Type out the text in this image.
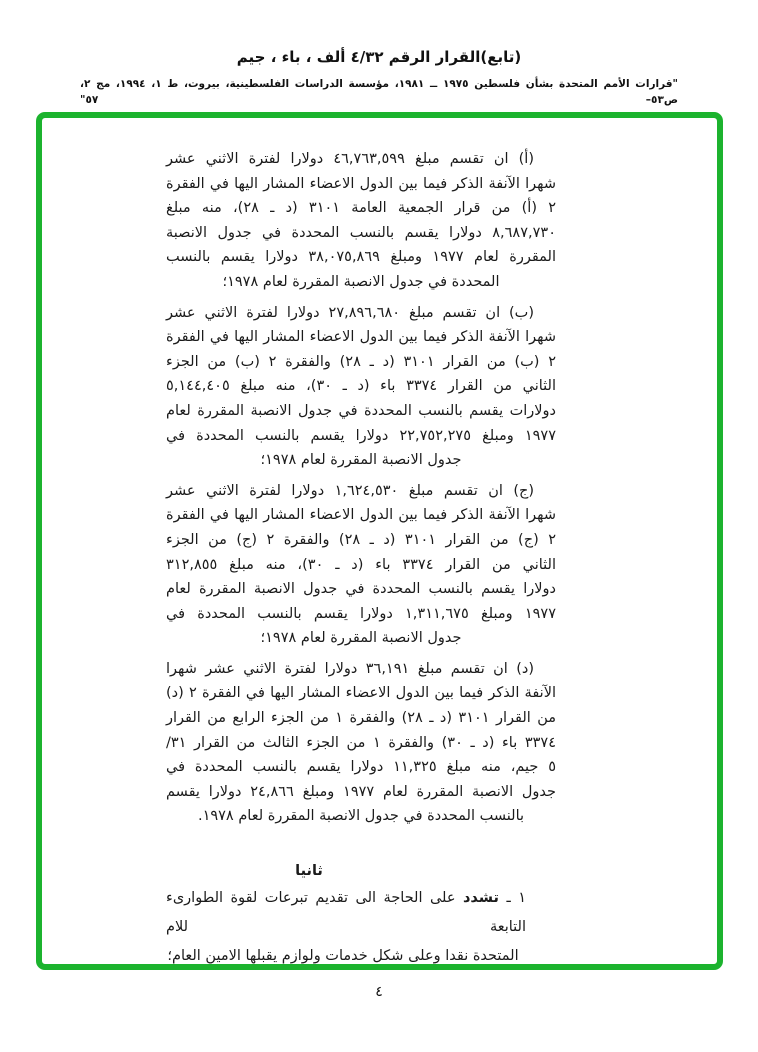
(تابع)القرار الرقم ٤/٣٢ ألف ، باء ، جيم
"قرارات الأمم المتحدة بشأن فلسطين ١٩٧٥ ــ ١٩٨١، مؤسسة الدراسات الفلسطينية، بيروت، ط ١، ١٩٩٤، مج ٢، ص٥٣– ٥٧"
(أ) ان تقسم مبلغ ٤٦,٧٦٣,٥٩٩ دولارا لفترة الاثني عشر
شهرا الآنفة الذكر فيما بين الدول الاعضاء المشار اليها في الفقرة
٢ (أ) من قرار الجمعية العامة ٣١٠١ (د ـ ٢٨)، منه مبلغ
٨,٦٨٧,٧٣٠ دولارا يقسم بالنسب المحددة في جدول الانصبة
المقررة لعام ١٩٧٧ ومبلغ ٣٨,٠٧٥,٨٦٩ دولارا يقسم بالنسب
المحددة في جدول الانصبة المقررة لعام ١٩٧٨؛
(ب) ان تقسم مبلغ ٢٧,٨٩٦,٦٨٠ دولارا لفترة الاثني عشر
شهرا الآنفة الذكر فيما بين الدول الاعضاء المشار اليها في الفقرة
٢ (ب) من القرار ٣١٠١ (د ـ ٢٨) والفقرة ٢ (ب) من الجزء
الثاني من القرار ٣٣٧٤ باء (د ـ ٣٠)، منه مبلغ ٥,١٤٤,٤٠٥
دولارات يقسم بالنسب المحددة في جدول الانصبة المقررة لعام
١٩٧٧ ومبلغ ٢٢,٧٥٢,٢٧٥ دولارا يقسم بالنسب المحددة في
جدول الانصبة المقررة لعام ١٩٧٨؛
(ج) ان تقسم مبلغ ١,٦٢٤,٥٣٠ دولارا لفترة الاثني عشر
شهرا الآنفة الذكر فيما بين الدول الاعضاء المشار اليها في الفقرة
٢ (ج) من القرار ٣١٠١ (د ـ ٢٨) والفقرة ٢ (ج) من الجزء
الثاني من القرار ٣٣٧٤ باء (د ـ ٣٠)، منه مبلغ ٣١٢,٨٥٥
دولارا يقسم بالنسب المحددة في جدول الانصبة المقررة لعام
١٩٧٧ ومبلغ ١,٣١١,٦٧٥ دولارا يقسم بالنسب المحددة في
جدول الانصبة المقررة لعام ١٩٧٨؛
(د) ان تقسم مبلغ ٣٦,١٩١ دولارا لفترة الاثني عشر شهرا
الآنفة الذكر فيما بين الدول الاعضاء المشار اليها في الفقرة ٢ (د)
من القرار ٣١٠١ (د ـ ٢٨) والفقرة ١ من الجزء الرابع من القرار
٣٣٧٤ باء (د ـ ٣٠) والفقرة ١ من الجزء الثالث من القرار ٣١/
٥ جيم، منه مبلغ ١١,٣٢٥ دولارا يقسم بالنسب المحددة في
جدول الانصبة المقررة لعام ١٩٧٧ ومبلغ ٢٤,٨٦٦ دولارا يقسم
بالنسب المحددة في جدول الانصبة المقررة لعام ١٩٧٨.
ثانيا
١ ـ تشدد على الحاجة الى تقديم تبرعات لقوة الطوارىء التابعة للام
المتحدة نقدا وعلى شكل خدمات ولوازم يقبلها الامين العام؛
٤
